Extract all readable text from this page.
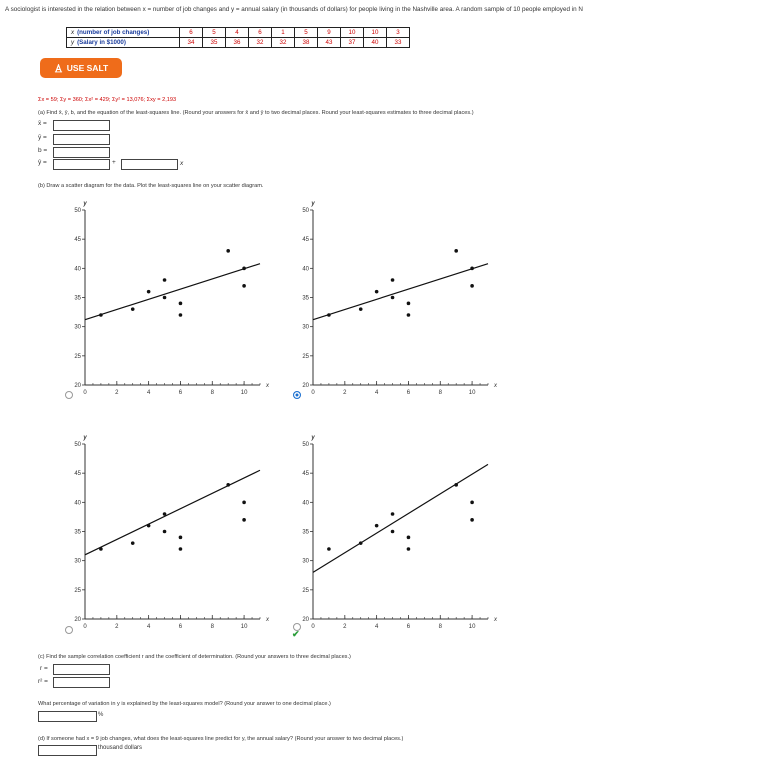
A sociologist is interested in the relation between x = number of job changes and y = annual salary (in thousands of dollars) for people living in the Nashville area. A random sample of 10 people employed in N
x (number of job changes)	6	5	4	6	1	5	9	10	10	3
y (Salary in $1000)	34	35	36	32	32	38	43	37	40	33
USE SALT
Σx = 59; Σy = 360; Σx² = 429; Σy² = 13,076; Σxy = 2,193
(a) Find x̄, ȳ, b, and the equation of the least-squares line. (Round your answers for x̄ and ȳ to two decimal places. Round your least-squares estimates to three decimal places.)
x̄ =
ȳ =
b =
ŷ =	+	x
(b) Draw a scatter diagram for the data. Plot the least-squares line on your scatter diagram.
20
25
30
35
40
45
50
0	2	4	6	8	10
y
x	20
25
30
35
40
45
50
0	2	4	6	8	10
y
x
20
25
30
35
40
45
50
0	2	4	6	8	10
y
x	20
25
30
35
40
45
50
0	2	4	6	8	10
y
x
✔
(c) Find the sample correlation coefficient r and the coefficient of determination. (Round your answers to three decimal places.)
r =
r² =
What percentage of variation in y is explained by the least-squares model? (Round your answer to one decimal place.)
%
(d) If someone had x = 9 job changes, what does the least-squares line predict for y, the annual salary? (Round your answer to two decimal places.)
thousand dollars
